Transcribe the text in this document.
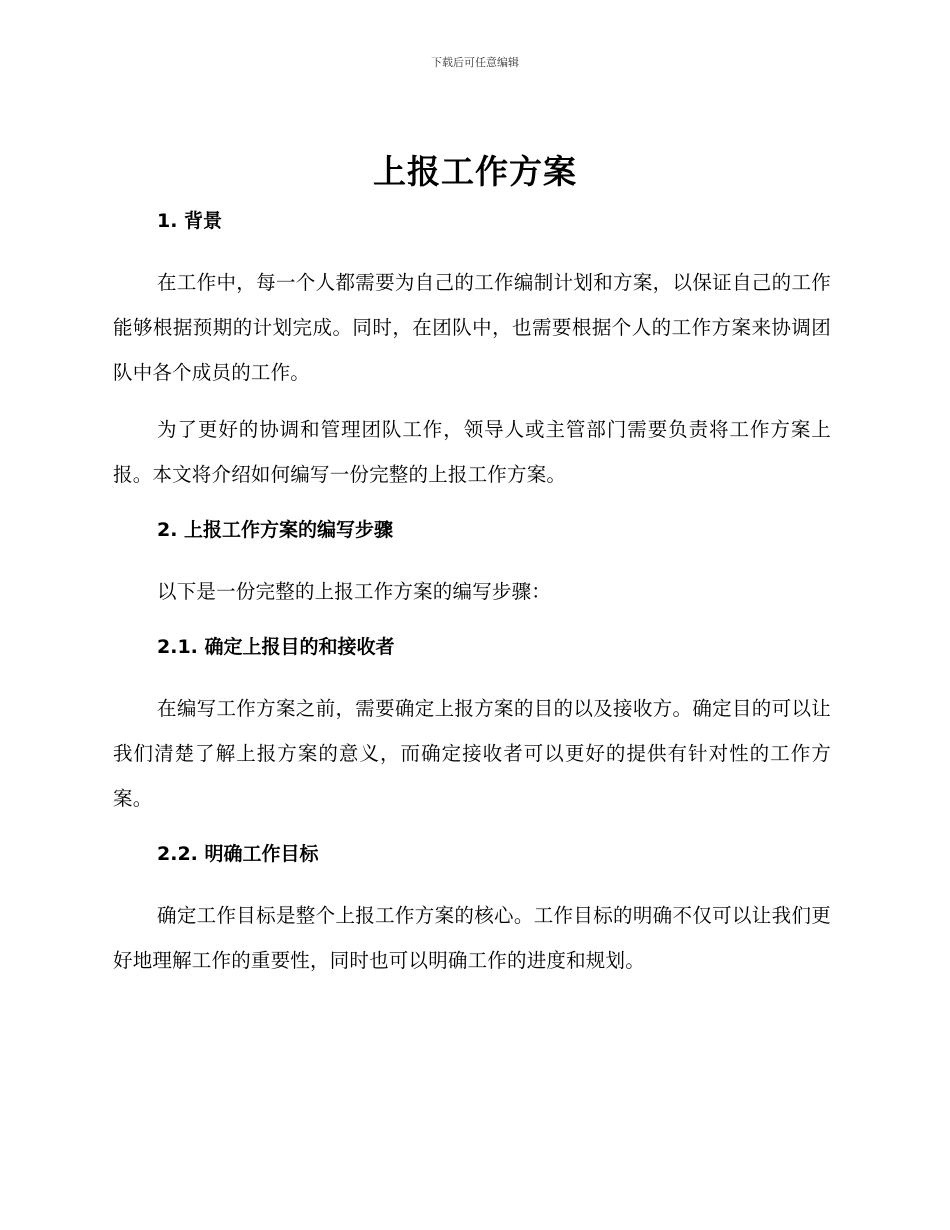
下载后可任意编辑
上报工作方案
1. 背景

在工作中，每一个人都需要为自己的工作编制计划和方案，以保证自己的工作能够根据预期的计划完成。同时，在团队中，也需要根据个人的工作方案来协调团队中各个成员的工作。

为了更好的协调和管理团队工作，领导人或主管部门需要负责将工作方案上报。本文将介绍如何编写一份完整的上报工作方案。

2. 上报工作方案的编写步骤

以下是一份完整的上报工作方案的编写步骤：

2.1. 确定上报目的和接收者

在编写工作方案之前，需要确定上报方案的目的以及接收方。确定目的可以让我们清楚了解上报方案的意义，而确定接收者可以更好的提供有针对性的工作方案。

2.2. 明确工作目标

确定工作目标是整个上报工作方案的核心。工作目标的明确不仅可以让我们更好地理解工作的重要性，同时也可以明确工作的进度和规划。
